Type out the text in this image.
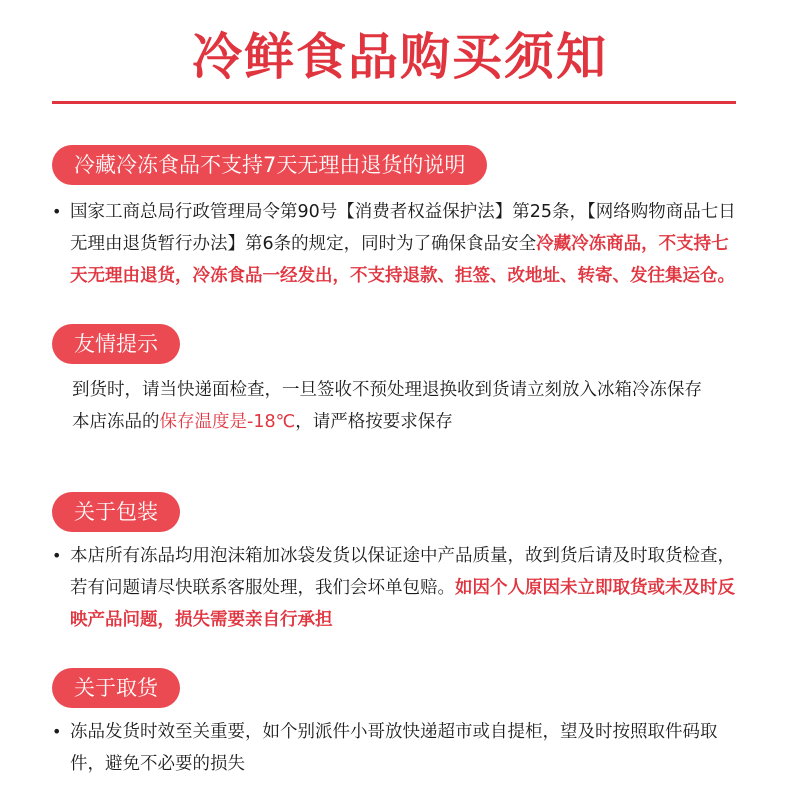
冷鲜食品购买须知
冷藏冷冻食品不支持7天无理由退货的说明
• 国家工商总局行政管理局令第90号【消费者权益保护法】第25条，【网络购物商品七日无理由退货暂行办法】第6条的规定，同时为了确保食品安全冷藏冷冻商品，不支持七天无理由退货，冷冻食品一经发出，不支持退款、拒签、改地址、转寄、发往集运仓。
友情提示
到货时，请当快递面检查，一旦签收不预处理退换收到货请立刻放入冰箱冷冻保存
本店冻品的保存温度是-18℃，请严格按要求保存
关于包装
• 本店所有冻品均用泡沫箱加冰袋发货以保证途中产品质量，故到货后请及时取货检查，若有问题请尽快联系客服处理，我们会坏单包赔。如因个人原因未立即取货或未及时反映产品问题，损失需要亲自行承担
关于取货
• 冻品发货时效至关重要，如个别派件小哥放快递超市或自提柜，望及时按照取件码取件，避免不必要的损失
